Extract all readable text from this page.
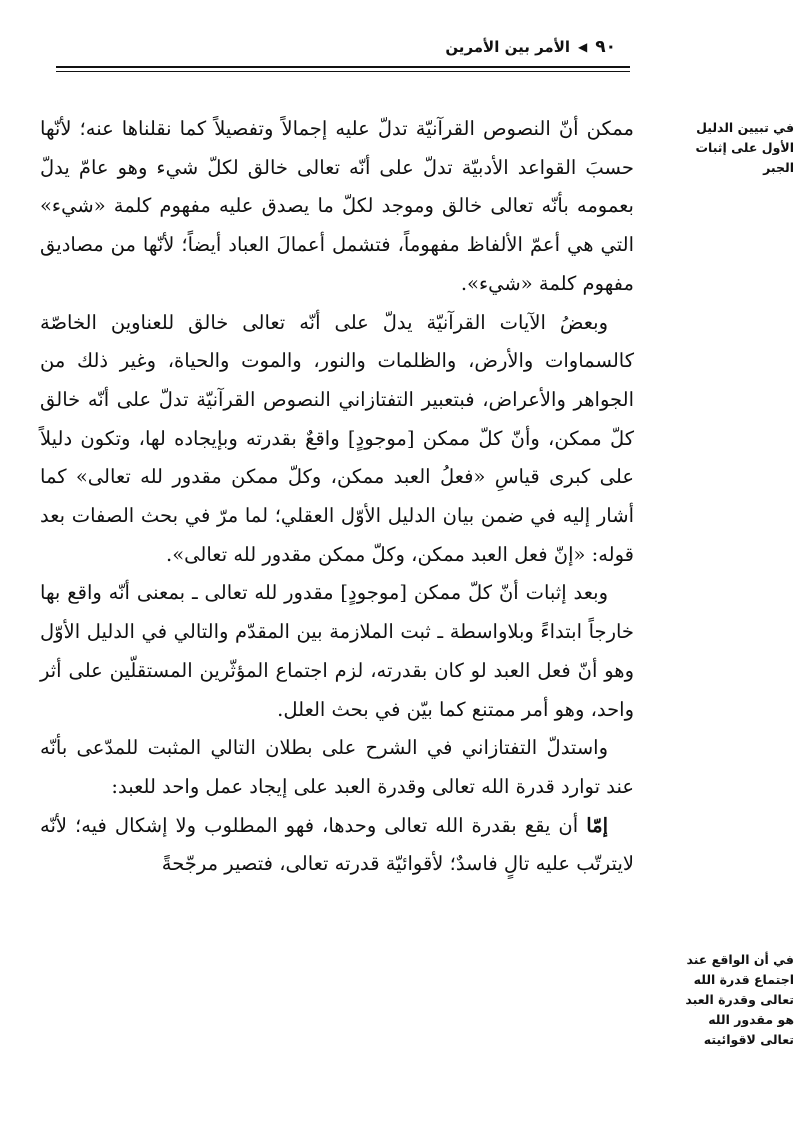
٩٠
◀
الأمر بين الأمرين
في تبيين الدليل الأول على إثبات الجبر
في أن الواقع عند اجتماع قدرة الله تعالى وقدرة العبد هو مقدور الله تعالى لاقوائيته

ممكن أنّ النصوص القرآنيّة تدلّ عليه إجمالاً وتفصيلاً كما نقلناها عنه؛ لأنّها حسبَ القواعد الأدبيّة تدلّ على أنّه تعالى خالق لكلّ شيء وهو عامّ يدلّ بعمومه بأنّه تعالى خالق وموجد لكلّ ما يصدق عليه مفهوم كلمة «شيء» التي هي أعمّ الألفاظ مفهوماً، فتشمل أعمالَ العباد أيضاً؛ لأنّها من مصاديق مفهوم كلمة «شيء».

وبعضُ الآيات القرآنيّة يدلّ على أنّه تعالى خالق للعناوين الخاصّة كالسماوات والأرض، والظلمات والنور، والموت والحياة، وغير ذلك من الجواهر والأعراض، فبتعبير التفتازاني النصوص القرآنيّة تدلّ على أنّه خالق كلّ ممكن، وأنّ كلّ ممكن [موجودٍ] واقعٌ بقدرته وبإيجاده لها، وتكون دليلاً على كبرى قياسِ «فعلُ العبد ممكن، وكلّ ممكن مقدور لله تعالى» كما أشار إليه في ضمن بيان الدليل الأوّل العقلي؛ لما مرّ في بحث الصفات بعد قوله: «إنّ فعل العبد ممكن، وكلّ ممكن مقدور لله تعالى».

وبعد إثبات أنّ كلّ ممكن [موجودٍ] مقدور لله تعالى ـ بمعنى أنّه واقع بها خارجاً ابتداءً وبلاواسطة ـ ثبت الملازمة بين المقدّم والتالي في الدليل الأوّل وهو أنّ فعل العبد لو كان بقدرته، لزم اجتماع المؤثّرين المستقلّين على أثر واحد، وهو أمر ممتنع كما بيّن في بحث العلل.

واستدلّ التفتازاني في الشرح على بطلان التالي المثبت للمدّعى بأنّه عند توارد قدرة الله تعالى وقدرة العبد على إيجاد عمل واحد للعبد:

إمّا أن يقع بقدرة الله تعالى وحدها، فهو المطلوب ولا إشكال فيه؛ لأنّه لايترتّب عليه تالٍ فاسدٌ؛ لأقوائيّة قدرته تعالى، فتصير مرجّحةً
